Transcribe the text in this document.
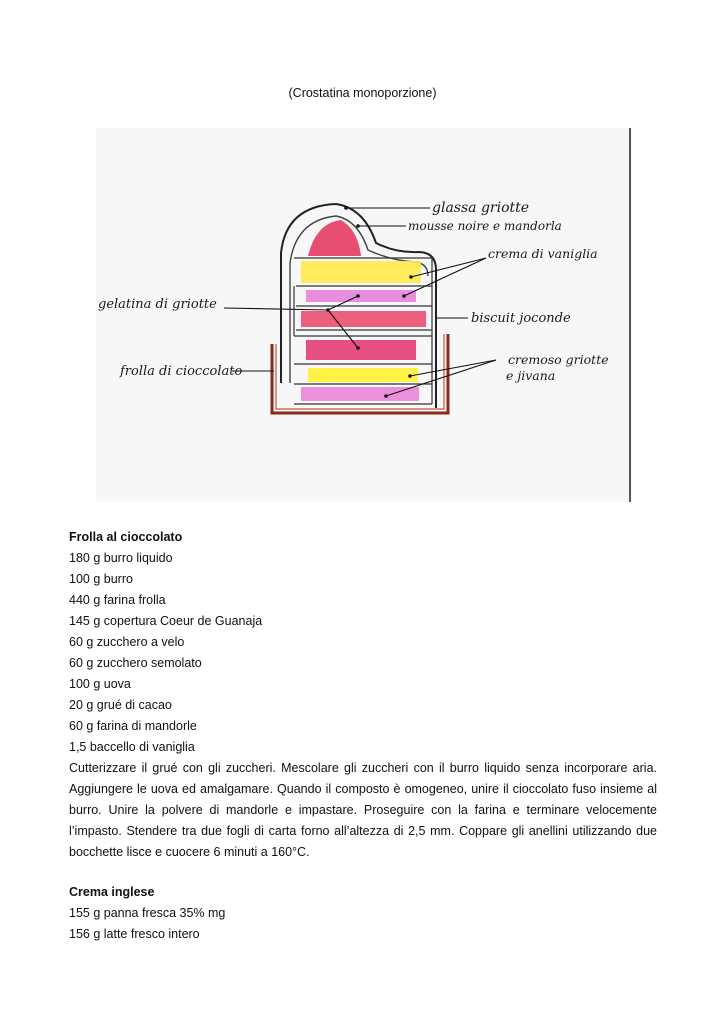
(Crostatina monoporzione)
glassa griotte
mousse noire e mandorla
crema di vaniglia
gelatina di griotte
biscuit joconde
frolla di cioccolato
cremoso griotte
e jivana
Frolla al cioccolato
180 g burro liquido
100 g burro
440 g farina frolla
145 g copertura Coeur de Guanaja
60 g zucchero a velo
60 g zucchero semolato
100 g uova
20 g grué di cacao
60 g farina di mandorle
1,5 baccello di vaniglia
Cutterizzare il grué con gli zuccheri. Mescolare gli zuccheri con il burro liquido senza incorporare aria. Aggiungere le uova ed amalgamare. Quando il composto è omogeneo, unire il cioccolato fuso insieme al burro. Unire la polvere di mandorle e impastare. Proseguire con la farina e terminare velocemente l’impasto. Stendere tra due fogli di carta forno all’altezza di 2,5 mm. Coppare gli anellini utilizzando due bocchette lisce e cuocere 6 minuti a 160°C.
Crema inglese
155 g panna fresca 35% mg
156 g latte fresco intero
